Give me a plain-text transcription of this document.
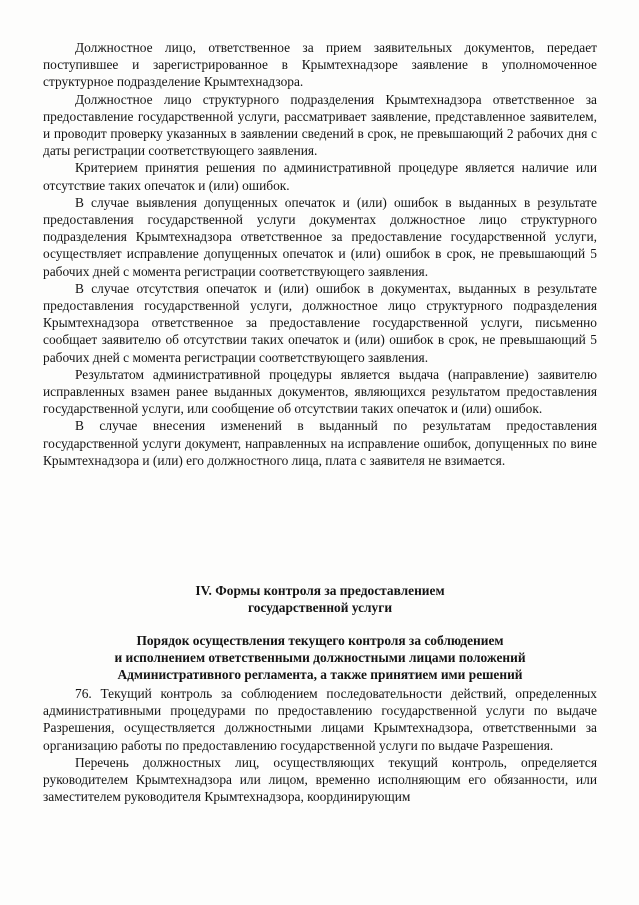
Должностное лицо, ответственное за прием заявительных документов, передает поступившее и зарегистрированное в Крымтехнадзоре заявление в уполномоченное структурное подразделение Крымтехнадзора.

Должностное лицо структурного подразделения Крымтехнадзора ответственное за предоставление государственной услуги, рассматривает заявление, представленное заявителем, и проводит проверку указанных в заявлении сведений в срок, не превышающий 2 рабочих дня с даты регистрации соответствующего заявления.

Критерием принятия решения по административной процедуре является наличие или отсутствие таких опечаток и (или) ошибок.

В случае выявления допущенных опечаток и (или) ошибок в выданных в результате предоставления государственной услуги документах должностное лицо структурного подразделения Крымтехнадзора ответственное за предоставление государственной услуги, осуществляет исправление допущенных опечаток и (или) ошибок в срок, не превышающий 5 рабочих дней с момента регистрации соответствующего заявления.

В случае отсутствия опечаток и (или) ошибок в документах, выданных в результате предоставления государственной услуги, должностное лицо структурного подразделения Крымтехнадзора ответственное за предоставление государственной услуги, письменно сообщает заявителю об отсутствии таких опечаток и (или) ошибок в срок, не превышающий 5 рабочих дней с момента регистрации соответствующего заявления.

Результатом административной процедуры является выдача (направление) заявителю исправленных взамен ранее выданных документов, являющихся результатом предоставления государственной услуги, или сообщение об отсутствии таких опечаток и (или) ошибок.

В случае внесения изменений в выданный по результатам предоставления государственной услуги документ, направленных на исправление ошибок, допущенных по вине Крымтехнадзора и (или) его должностного лица, плата с заявителя не взимается.

IV. Формы контроля за предоставлением
государственной услуги
Порядок осуществления текущего контроля за соблюдением
и исполнением ответственными должностными лицами положений
Административного регламента, а также принятием ими решений

76. Текущий контроль за соблюдением последовательности действий, определенных административными процедурами по предоставлению государственной услуги по выдаче Разрешения, осуществляется должностными лицами Крымтехнадзора, ответственными за организацию работы по предоставлению государственной услуги по выдаче Разрешения.

Перечень должностных лиц, осуществляющих текущий контроль, определяется руководителем Крымтехнадзора или лицом, временно исполняющим его обязанности, или заместителем руководителя Крымтехнадзора, координирующим
